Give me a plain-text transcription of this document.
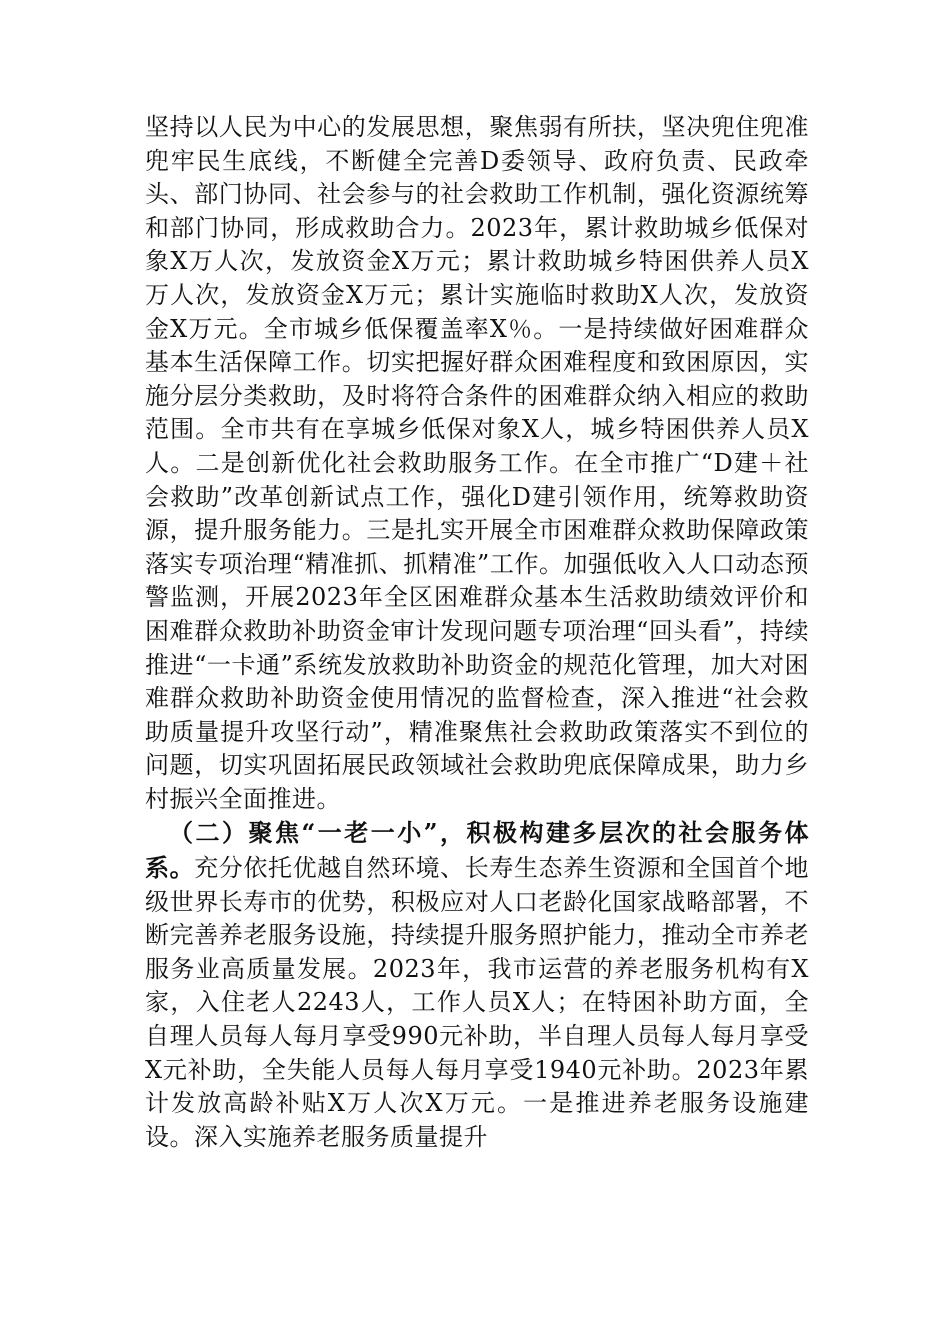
坚持以人民为中心的发展思想，聚焦弱有所扶，坚决兜住兜准兜牢民生底线，不断健全完善D委领导、政府负责、民政牵头、部门协同、社会参与的社会救助工作机制，强化资源统筹和部门协同，形成救助合力。2023年，累计救助城乡低保对象X万人次，发放资金X万元；累计救助城乡特困供养人员X万人次，发放资金X万元；累计实施临时救助X人次，发放资金X万元。全市城乡低保覆盖率X％。一是持续做好困难群众基本生活保障工作。切实把握好群众困难程度和致困原因，实施分层分类救助，及时将符合条件的困难群众纳入相应的救助范围。全市共有在享城乡低保对象X人，城乡特困供养人员X人。二是创新优化社会救助服务工作。在全市推广“D建＋社会救助”改革创新试点工作，强化D建引领作用，统筹救助资源，提升服务能力。三是扎实开展全市困难群众救助保障政策落实专项治理“精准抓、抓精准”工作。加强低收入人口动态预警监测，开展2023年全区困难群众基本生活救助绩效评价和困难群众救助补助资金审计发现问题专项治理“回头看”，持续推进“一卡通”系统发放救助补助资金的规范化管理，加大对困难群众救助补助资金使用情况的监督检查，深入推进“社会救助质量提升攻坚行动”，精准聚焦社会救助政策落实不到位的问题，切实巩固拓展民政领域社会救助兜底保障成果，助力乡村振兴全面推进。

（二）聚焦“一老一小”，积极构建多层次的社会服务体系。充分依托优越自然环境、长寿生态养生资源和全国首个地级世界长寿市的优势，积极应对人口老龄化国家战略部署，不断完善养老服务设施，持续提升服务照护能力，推动全市养老服务业高质量发展。2023年，我市运营的养老服务机构有X家，入住老人2243人，工作人员X人；在特困补助方面，全自理人员每人每月享受990元补助，半自理人员每人每月享受X元补助，全失能人员每人每月享受1940元补助。2023年累计发放高龄补贴X万人次X万元。一是推进养老服务设施建设。深入实施养老服务质量提升
